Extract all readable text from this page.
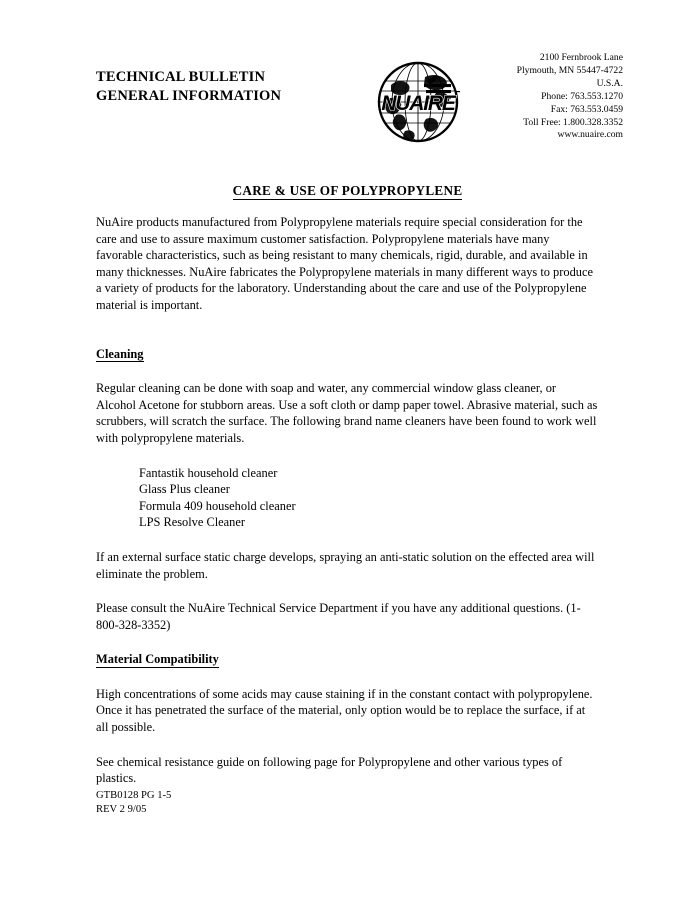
TECHNICAL BULLETIN
GENERAL INFORMATION	NUAIRE
2100 Fernbrook Lane
Plymouth, MN 55447-4722
U.S.A.
Phone: 763.553.1270
Fax: 763.553.0459
Toll Free: 1.800.328.3352
www.nuaire.com
CARE & USE OF POLYPROPYLENE

NuAire products manufactured from Polypropylene materials require special consideration for the care and use to assure maximum customer satisfaction. Polypropylene materials have many favorable characteristics, such as being resistant to many chemicals, rigid, durable, and available in many thicknesses. NuAire fabricates the Polypropylene materials in many different ways to produce a variety of products for the laboratory. Understanding about the care and use of the Polypropylene material is important.

Cleaning

Regular cleaning can be done with soap and water, any commercial window glass cleaner, or Alcohol Acetone for stubborn areas. Use a soft cloth or damp paper towel. Abrasive material, such as scrubbers, will scratch the surface. The following brand name cleaners have been found to work well with polypropylene materials.

Fantastik household cleaner
Glass Plus cleaner
Formula 409 household cleaner
LPS Resolve Cleaner

If an external surface static charge develops, spraying an anti-static solution on the effected area will eliminate the problem.

Please consult the NuAire Technical Service Department if you have any additional questions. (1-800-328-3352)

Material Compatibility

High concentrations of some acids may cause staining if in the constant contact with polypropylene. Once it has penetrated the surface of the material, only option would be to replace the surface, if at all possible.

See chemical resistance guide on following page for Polypropylene and other various types of plastics.

GTB0128 PG 1-5
REV 2 9/05
